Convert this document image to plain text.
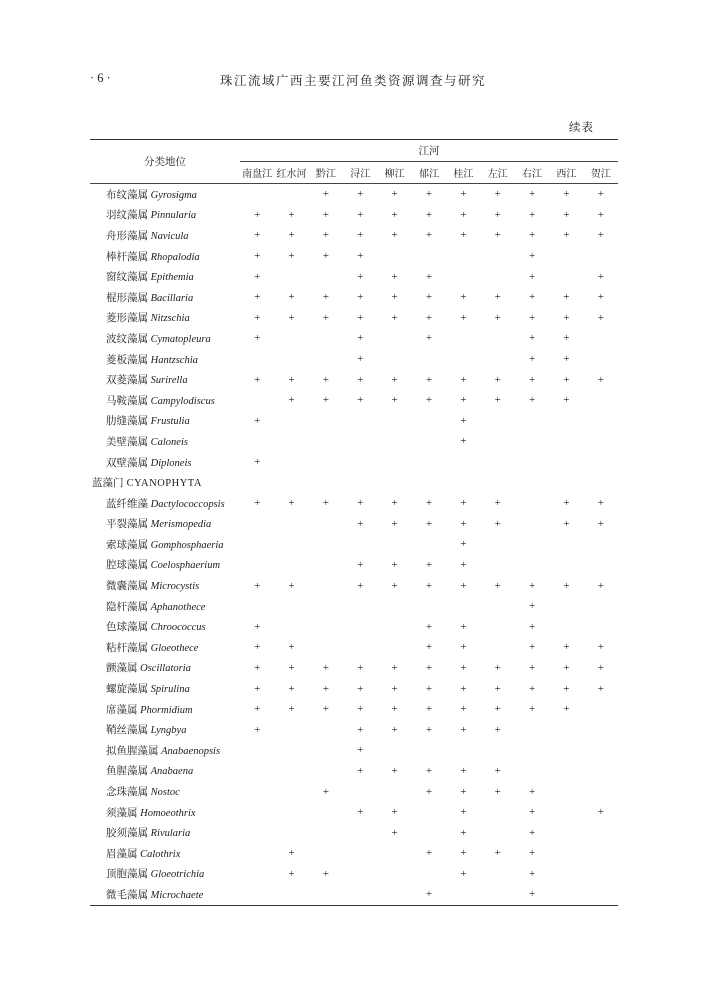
· 6 ·	珠江流域广西主要江河鱼类资源调查与研究
续表
分类地位	江河										
	南盘江	红水河	黔江	浔江	柳江	郁江	桂江	左江	右江	西江	贺江
布纹藻属 Gyrosigma			+	+	+	+	+	+	+	+	+
羽纹藻属 Pinnularia	+	+	+	+	+	+	+	+	+	+	+
舟形藻属 Navicula	+	+	+	+	+	+	+	+	+	+	+
棒杆藻属 Rhopalodia	+	+	+	+					+		
窗纹藻属 Epithemia	+			+	+	+			+		+
棍形藻属 Bacillaria	+	+	+	+	+	+	+	+	+	+	+
菱形藻属 Nitzschia	+	+	+	+	+	+	+	+	+	+	+
波纹藻属 Cymatopleura	+			+		+			+	+	
菱板藻属 Hantzschia				+					+	+	
双菱藻属 Surirella	+	+	+	+	+	+	+	+	+	+	+
马鞍藻属 Campylodiscus		+	+	+	+	+	+	+	+	+	
肋缝藻属 Frustulia	+						+				
美壁藻属 Caloneis							+				
双壁藻属 Diploneis	+										
蓝藻门 CYANOPHYTA											
蓝纤维藻 Dactylococcopsis	+	+	+	+	+	+	+	+		+	+
平裂藻属 Merismopedia				+	+	+	+	+		+	+
索球藻属 Gomphosphaeria							+				
腔球藻属 Coelosphaerium				+	+	+	+				
微囊藻属 Microcystis	+	+		+	+	+	+	+	+	+	+
隐杆藻属 Aphanothece									+		
色球藻属 Chroococcus	+					+	+		+		
粘杆藻属 Gloeothece	+	+				+	+		+	+	+
颤藻属 Oscillatoria	+	+	+	+	+	+	+	+	+	+	+
螺旋藻属 Spirulina	+	+	+	+	+	+	+	+	+	+	+
席藻属 Phormidium	+	+	+	+	+	+	+	+	+	+	
鞘丝藻属 Lyngbya	+			+	+	+	+	+			
拟鱼腥藻属 Anabaenopsis				+							
鱼腥藻属 Anabaena				+	+	+	+	+			
念珠藻属 Nostoc			+			+	+	+	+		
须藻属 Homoeothrix				+	+		+		+		+
胶须藻属 Rivularia					+		+		+		
眉藻属 Calothrix		+				+	+	+	+		
顶胞藻属 Gloeotrichia		+	+				+		+		
微毛藻属 Microchaete						+			+		
